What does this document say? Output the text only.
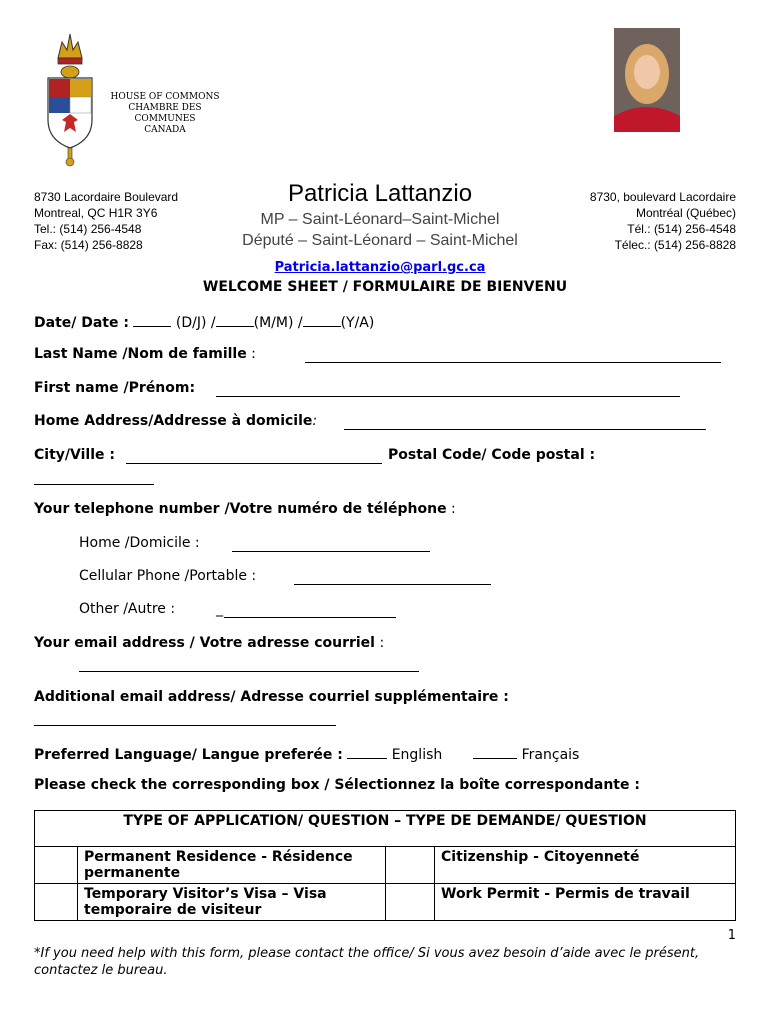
HOUSE OF COMMONS
CHAMBRE DES COMMUNES
CANADA
8730 Lacordaire Boulevard
Montreal, QC H1R 3Y6
Tel.: (514) 256-4548
Fax: (514) 256-8828
8730, boulevard Lacordaire
Montréal (Québec)
Tél.: (514) 256-4548
Télec.: (514) 256-8828
Patricia Lattanzio
MP – Saint-Léonard–Saint-Michel
Député – Saint-Léonard – Saint-Michel
Patricia.lattanzio@parl.gc.ca
WELCOME SHEET / FORMULAIRE DE BIENVENU
Date/ Date :	(D/J) /	(M/M) /	(Y/A)
Last Name /Nom de famille :
First name /Prénom:
Home Address/Addresse à domicile:
City/Ville :	Postal Code/ Code postal :
Your telephone number /Votre numéro de téléphone :
Home /Domicile :
Cellular Phone /Portable :
Other /Autre :	_
Your email address / Votre adresse courriel :
Additional email address/ Adresse courriel supplémentaire :
Preferred Language/ Langue preferée :	English	Français
Please check the corresponding box / Sélectionnez la boîte correspondante :
TYPE OF APPLICATION/ QUESTION – TYPE DE DEMANDE/ QUESTION			
	Permanent Residence - Résidence permanente		Citizenship - Citoyenneté
	Temporary Visitor’s Visa – Visa temporaire de visiteur		Work Permit - Permis de travail
1
*If you need help with this form, please contact the office/ Si vous avez besoin d’aide avec le présent, contactez le bureau.
